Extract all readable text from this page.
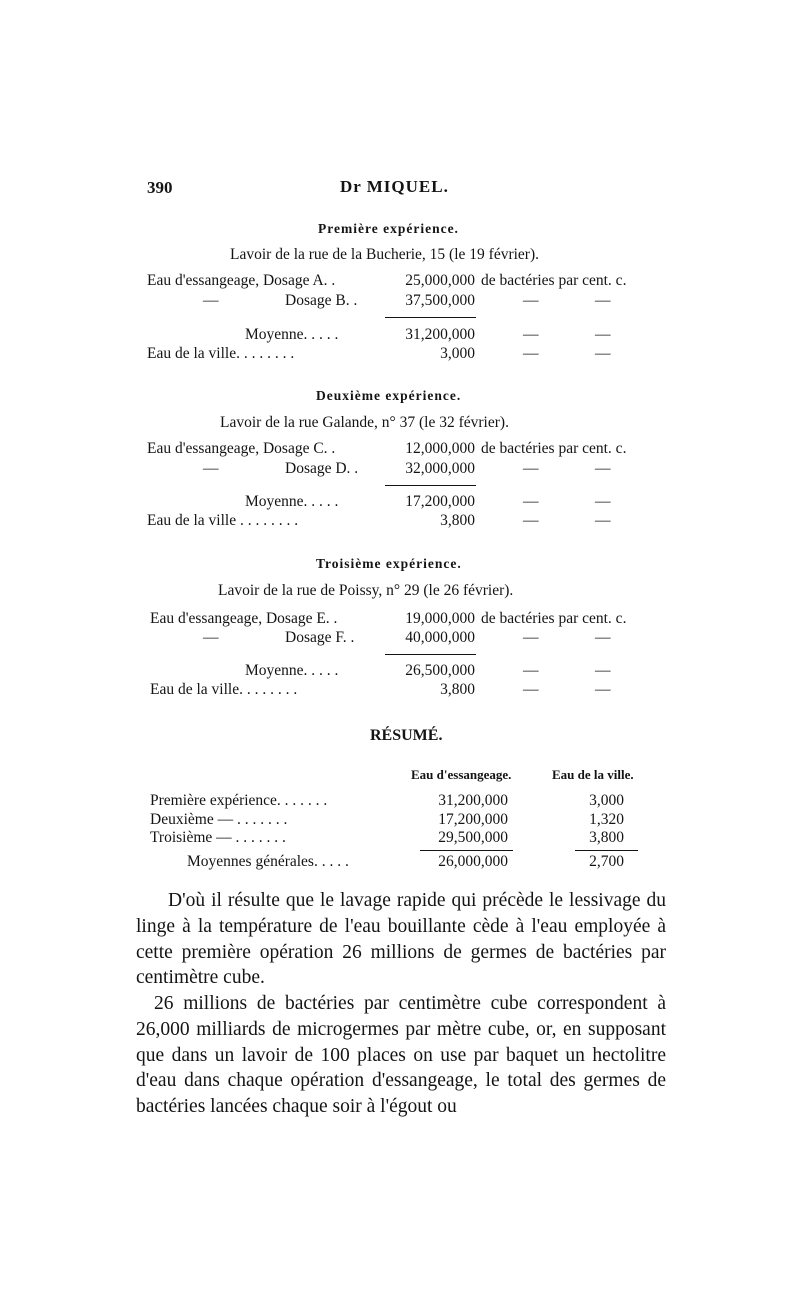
390	Dr MIQUEL.
Première expérience.
Lavoir de la rue de la Bucherie, 15 (le 19 février).
Eau d'essangeage, Dosage A. .	25,000,000 de bactéries par cent. c.
—	Dosage B. .	37,500,000	—	—
Moyenne. . . . .	31,200,000	—	—
Eau de la ville. . . . . . . .	3,000	—	—
Deuxième expérience.
Lavoir de la rue Galande, n° 37 (le 32 février).
Eau d'essangeage, Dosage C. .	12,000,000 de bactéries par cent. c.
—	Dosage D. .	32,000,000	—	—
Moyenne. . . . .	17,200,000	—	—
Eau de la ville . . . . . . . .	3,800	—	—
Troisième expérience.
Lavoir de la rue de Poissy, n° 29 (le 26 février).
Eau d'essangeage, Dosage E. .	19,000,000 de bactéries par cent. c.
—	Dosage F. .	40,000,000	—	—
Moyenne. . . . .	26,500,000	—	—
Eau de la ville. . . . . . . .	3,800	—	—
RÉSUMÉ.
Eau d'essangeage.	Eau de la ville.
Première expérience. . . . . . .	31,200,000	3,000
Deuxième — . . . . . . .	17,200,000	1,320
Troisième — . . . . . . .	29,500,000	3,800
Moyennes générales. . . . .	26,000,000	2,700
D'où il résulte que le lavage rapide qui précède le lessivage du linge à la température de l'eau bouillante cède à l'eau employée à cette première opération 26 millions de germes de bactéries par centimètre cube.
26 millions de bactéries par centimètre cube correspondent à 26,000 milliards de microgermes par mètre cube, or, en supposant que dans un lavoir de 100 places on use par baquet un hectolitre d'eau dans chaque opération d'essangeage, le total des germes de bactéries lancées chaque soir à l'égout ou
